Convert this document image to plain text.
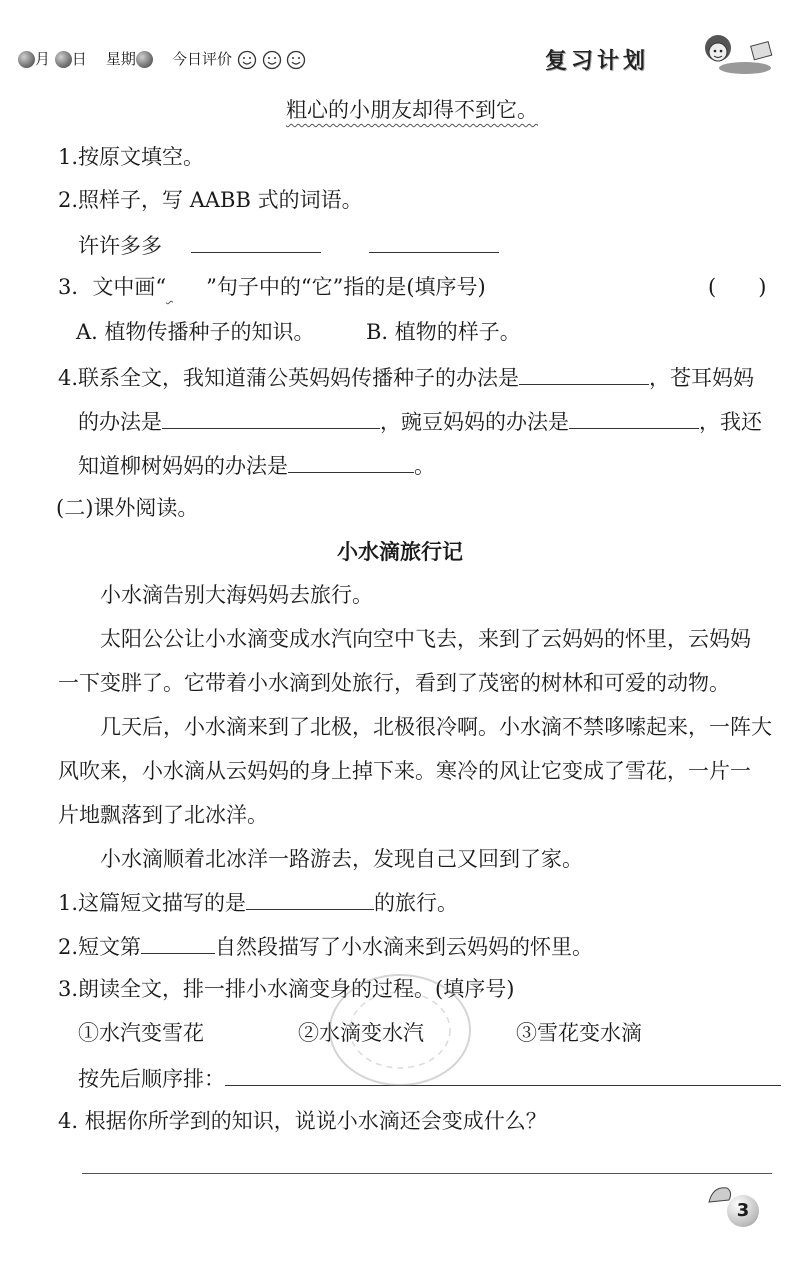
月 日 星期 今日评价	复习计划
粗心的小朋友却得不到它。
1.按原文填空。
2.照样子，写 AABB 式的词语。
许许多多
3．文中画“ ”句子中的“它”指的是(填序号)	(　　)
A. 植物传播种子的知识。 B. 植物的样子。
4.联系全文，我知道蒲公英妈妈传播种子的办法是	，苍耳妈妈
的办法是	，豌豆妈妈的办法是	，我还
知道柳树妈妈的办法是	。
(二)课外阅读。
小水滴旅行记
小水滴告别大海妈妈去旅行。
太阳公公让小水滴变成水汽向空中飞去，来到了云妈妈的怀里，云妈妈
一下变胖了。它带着小水滴到处旅行，看到了茂密的树林和可爱的动物。
几天后，小水滴来到了北极，北极很冷啊。小水滴不禁哆嗦起来，一阵大
风吹来，小水滴从云妈妈的身上掉下来。寒冷的风让它变成了雪花，一片一
片地飘落到了北冰洋。
小水滴顺着北冰洋一路游去，发现自己又回到了家。
1.这篇短文描写的是	的旅行。
2.短文第	自然段描写了小水滴来到云妈妈的怀里。
3.朗读全文，排一排小水滴变身的过程。(填序号)
①水汽变雪花	②水滴变水汽	③雪花变水滴
按先后顺序排：
4. 根据你所学到的知识，说说小水滴还会变成什么？
3
